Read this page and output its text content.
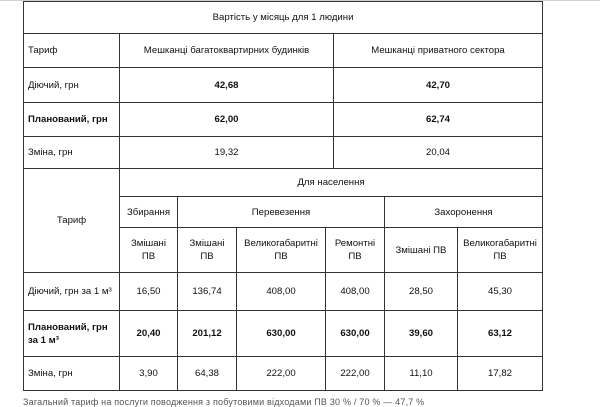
Вартість у місяць для 1 людини		
Тариф	Мешканці багатоквартирних будинків	Мешканці приватного сектора
Діючий, грн	42,68	42,70
Планований, грн	62,00	62,74
Зміна, грн	19,32	20,04
Тариф	Для населення					
	Збирання	Перевезення			Захоронення	
	Змішані ПВ	Змішані ПВ	Великогабаритні ПВ	Ремонтні ПВ	Змішані ПВ	Великогабаритні ПВ
Діючий, грн за 1 м³	16,50	136,74	408,00	408,00	28,50	45,30
Планований, грн за 1 м³	20,40	201,12	630,00	630,00	39,60	63,12
Зміна, грн	3,90	64,38	222,00	222,00	11,10	17,82
Загальний тариф на послуги поводження з побутовими відходами ПВ 30 % / 70 % — 47,7 %
